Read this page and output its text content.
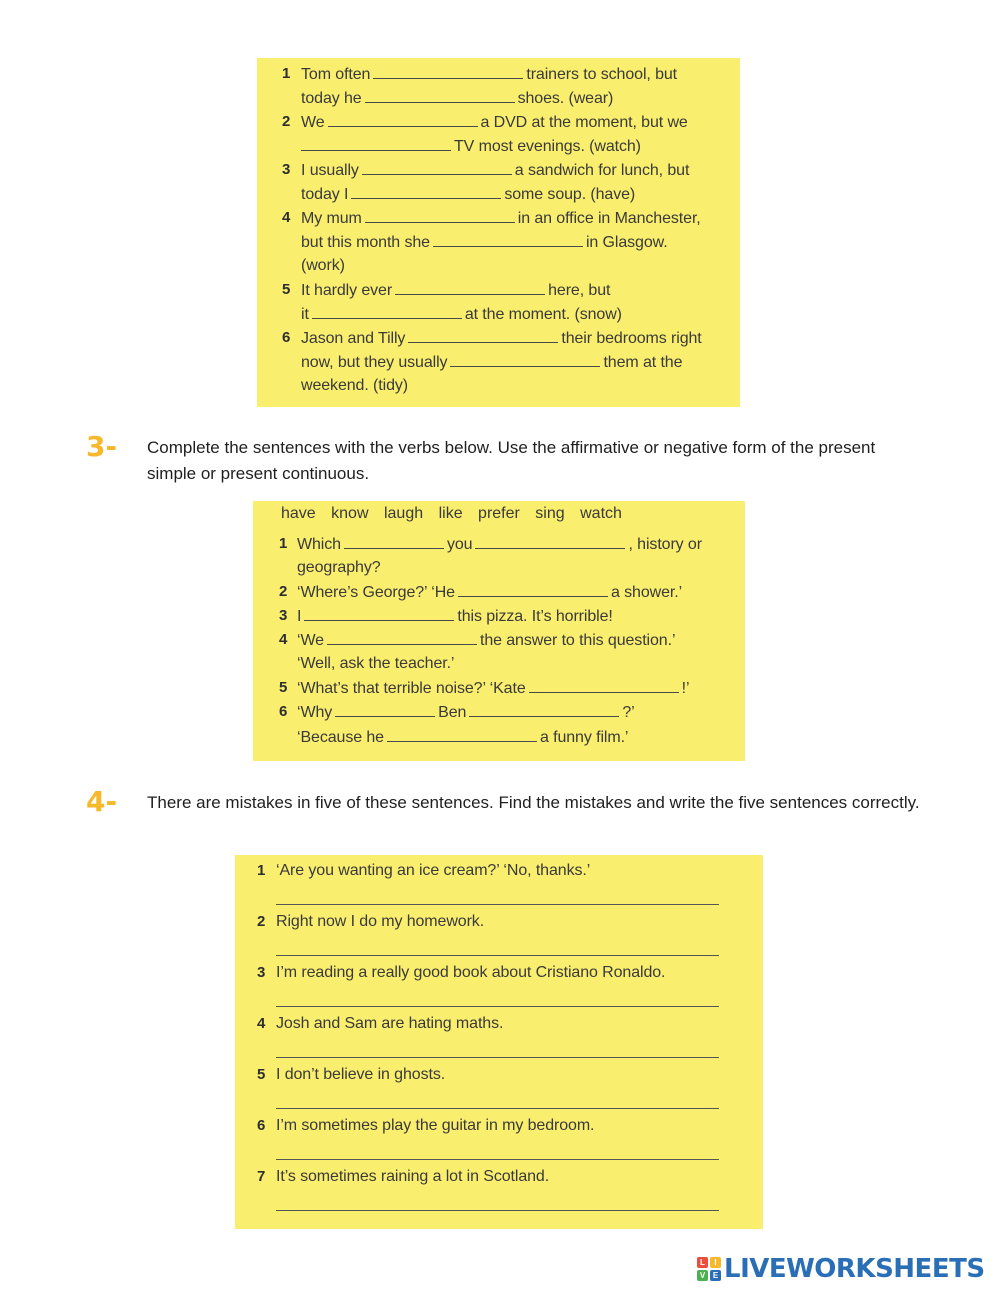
1 Tom often	trainers to school, but
today he	shoes. (wear)
2 We	a DVD at the moment, but we
TV most evenings. (watch)
3 I usually	a sandwich for lunch, but
today I	some soup. (have)
4 My mum	in an office in Manchester,
but this month she	in Glasgow.
(work)
5 It hardly ever	here, but
it	at the moment. (snow)
6 Jason and Tilly	their bedrooms right
now, but they usually	them at the
weekend. (tidy)
3- Complete the sentences with the verbs below. Use the affirmative or negative form of the present simple or present continuous.
have know laugh like prefer sing watch
1 Which	you	, history or
geography?
2 ‘Where’s George?’ ‘He	a shower.’
3 I	this pizza. It’s horrible!
4 ‘We	the answer to this question.’
‘Well, ask the teacher.’
5 ‘What’s that terrible noise?’ ‘Kate	!’
6 ‘Why	Ben	?’
‘Because he	a funny film.’
4- There are mistakes in five of these sentences. Find the mistakes and write the five sentences correctly.
1 ‘Are you wanting an ice cream?’ ‘No, thanks.’
2 Right now I do my homework.
3 I’m reading a really good book about Cristiano Ronaldo.
4 Josh and Sam are hating maths.
5 I don’t believe in ghosts.
6 I’m sometimes play the guitar in my bedroom.
7 It’s sometimes raining a lot in Scotland.
L	I
V E LIVEWORKSHEETS
